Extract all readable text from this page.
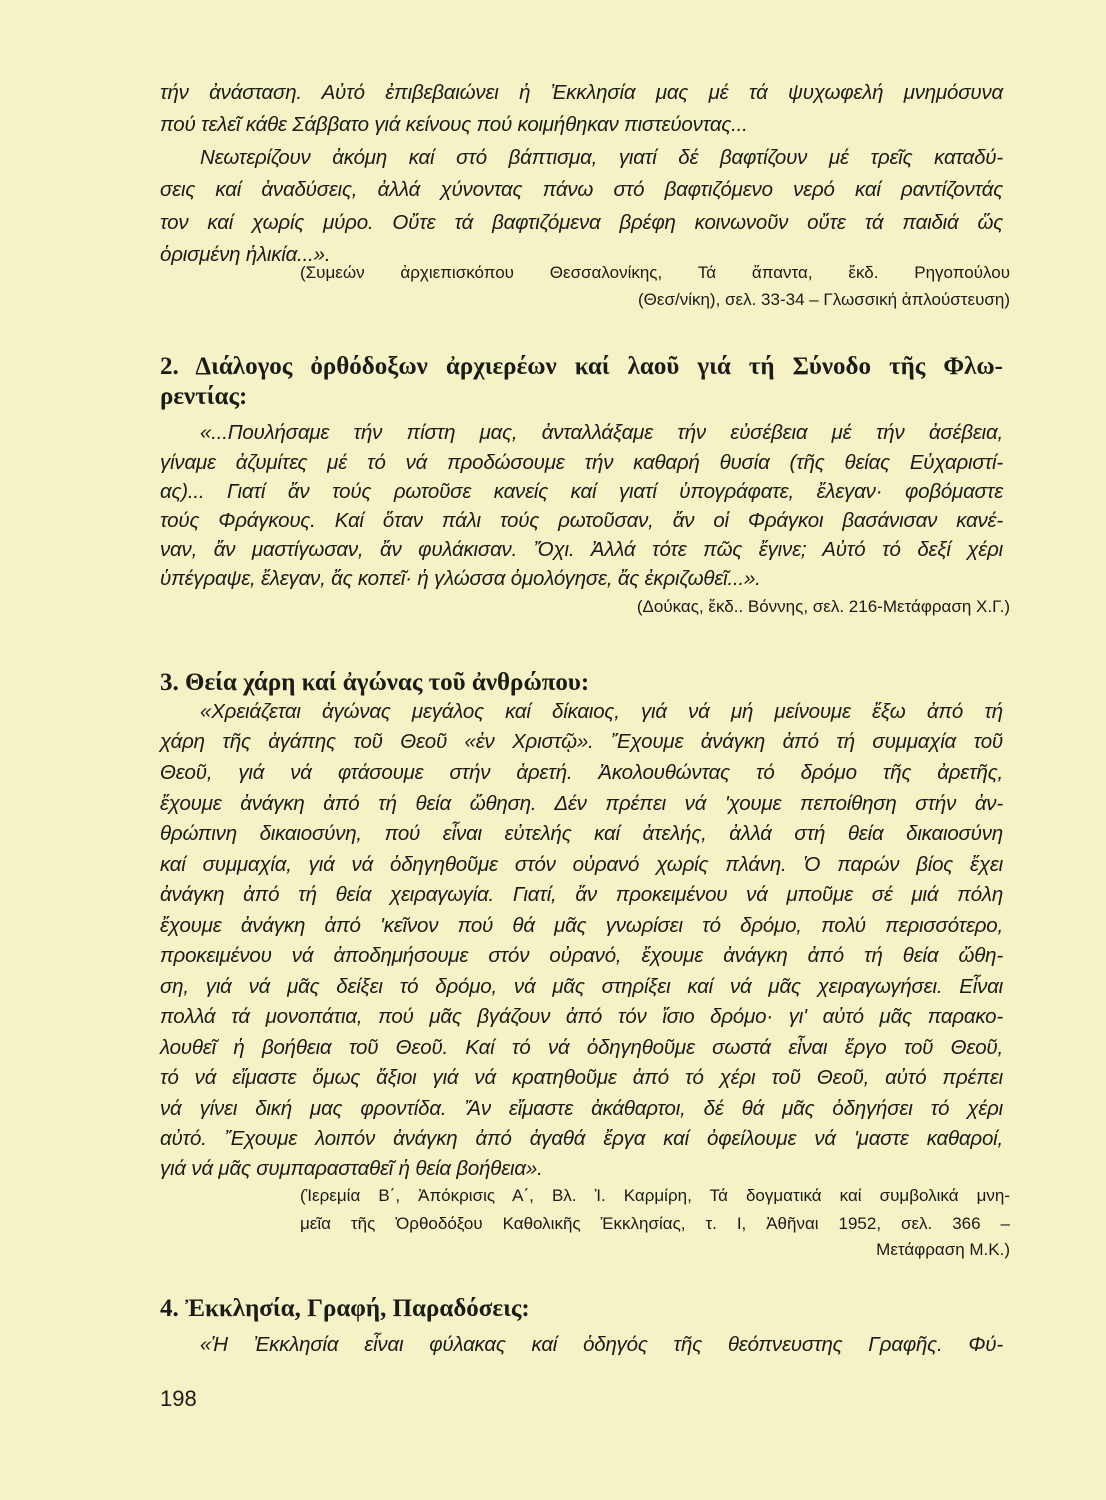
τήν ἀνάσταση. Αὐτό ἐπιβεβαιώνει ἡ Ἐκκλησία μας μέ τά ψυχωφελή μνημόσυνα
πού τελεῖ κάθε Σάββατο γιά κείνους πού κοιμήθηκαν πιστεύοντας...
Νεωτερίζουν ἀκόμη καί στό βάπτισμα, γιατί δέ βαφτίζουν μέ τρεῖς καταδύ-
σεις καί ἀναδύσεις, ἀλλά χύνοντας πάνω στό βαφτιζόμενο νερό καί ραντίζοντάς
τον καί χωρίς μύρο. Οὔτε τά βαφτιζόμενα βρέφη κοινωνοῦν οὔτε τά παιδιά ὥς
ὁρισμένη ἡλικία...».
(Συμεών ἀρχιεπισκόπου Θεσσαλονίκης, Τά ἅπαντα, ἔκδ. Ρηγοπούλου
(Θεσ/νίκη), σελ. 33-34 – Γλωσσική ἁπλούστευση)
2. Διάλογος ὀρθόδοξων ἀρχιερέων καί λαοῦ γιά τή Σύνοδο τῆς Φλω-
ρεντίας:
«...Πουλήσαμε τήν πίστη μας, ἀνταλλάξαμε τήν εὐσέβεια μέ τήν ἀσέβεια,
γίναμε ἀζυμίτες μέ τό νά προδώσουμε τήν καθαρή θυσία (τῆς θείας Εὐχαριστί-
ας)... Γιατί ἄν τούς ρωτοῦσε κανείς καί γιατί ὑπογράφατε, ἔλεγαν· φοβόμαστε
τούς Φράγκους. Καί ὅταν πάλι τούς ρωτοῦσαν, ἄν οἱ Φράγκοι βασάνισαν κανέ-
ναν, ἄν μαστίγωσαν, ἄν φυλάκισαν. Ὄχι. Ἀλλά τότε πῶς ἔγινε; Αὐτό τό δεξί χέρι
ὑπέγραψε, ἔλεγαν, ἄς κοπεῖ· ἡ γλώσσα ὁμολόγησε, ἄς ἐκριζωθεῖ...».
(Δούκας, ἔκδ.. Βόννης, σελ. 216-Μετάφραση Χ.Γ.)
3. Θεία χάρη καί ἀγώνας τοῦ ἀνθρώπου:
«Χρειάζεται ἀγώνας μεγάλος καί δίκαιος, γιά νά μή μείνουμε ἔξω ἀπό τή
χάρη τῆς ἀγάπης τοῦ Θεοῦ «ἐν Χριστῷ». Ἔχουμε ἀνάγκη ἀπό τή συμμαχία τοῦ
Θεοῦ, γιά νά φτάσουμε στήν ἀρετή. Ἀκολουθώντας τό δρόμο τῆς ἀρετῆς,
ἔχουμε ἀνάγκη ἀπό τή θεία ὤθηση. Δέν πρέπει νά 'χουμε πεποίθηση στήν ἀν-
θρώπινη δικαιοσύνη, πού εἶναι εὐτελής καί ἀτελής, ἀλλά στή θεία δικαιοσύνη
καί συμμαχία, γιά νά ὁδηγηθοῦμε στόν οὐρανό χωρίς πλάνη. Ὁ παρών βίος ἔχει
ἀνάγκη ἀπό τή θεία χειραγωγία. Γιατί, ἄν προκειμένου νά μποῦμε σέ μιά πόλη
ἔχουμε ἀνάγκη ἀπό 'κεῖνον πού θά μᾶς γνωρίσει τό δρόμο, πολύ περισσότερο,
προκειμένου νά ἀποδημήσουμε στόν οὐρανό, ἔχουμε ἀνάγκη ἀπό τή θεία ὤθη-
ση, γιά νά μᾶς δείξει τό δρόμο, νά μᾶς στηρίξει καί νά μᾶς χειραγωγήσει. Εἶναι
πολλά τά μονοπάτια, πού μᾶς βγάζουν ἀπό τόν ἴσιο δρόμο· γι' αὐτό μᾶς παρακο-
λουθεῖ ἡ βοήθεια τοῦ Θεοῦ. Καί τό νά ὁδηγηθοῦμε σωστά εἶναι ἔργο τοῦ Θεοῦ,
τό νά εἴμαστε ὅμως ἄξιοι γιά νά κρατηθοῦμε ἀπό τό χέρι τοῦ Θεοῦ, αὐτό πρέπει
νά γίνει δική μας φροντίδα. Ἄν εἴμαστε ἀκάθαρτοι, δέ θά μᾶς ὁδηγήσει τό χέρι
αὐτό. Ἔχουμε λοιπόν ἀνάγκη ἀπό ἀγαθά ἔργα καί ὀφείλουμε νά 'μαστε καθαροί,
γιά νά μᾶς συμπαρασταθεῖ ἡ θεία βοήθεια».
(Ἱερεμία Β΄, Ἀπόκρισις Α΄, Βλ. Ἰ. Καρμίρη, Τά δογματικά καί συμβολικά μνη-
μεῖα τῆς Ὀρθοδόξου Καθολικῆς Ἐκκλησίας, τ. Ι, Ἀθῆναι 1952, σελ. 366 –
Μετάφραση Μ.Κ.)
4. Ἐκκλησία, Γραφή, Παραδόσεις:
«Ἡ Ἐκκλησία εἶναι φύλακας καί ὁδηγός τῆς θεόπνευστης Γραφῆς. Φύ-
198
